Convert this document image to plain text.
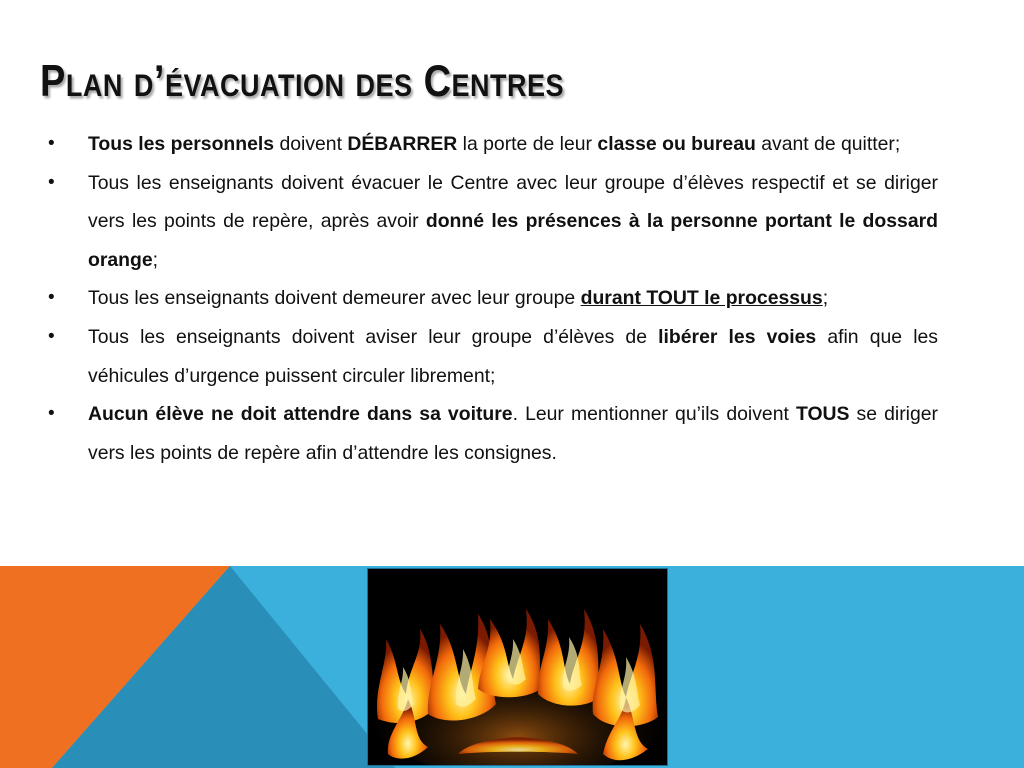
Plan d’évacuation des Centres
• Tous les personnels doivent DÉBARRER la porte de leur classe ou bureau avant de quitter;
• Tous les enseignants doivent évacuer le Centre avec leur groupe d’élèves respectif et se diriger vers les points de repère, après avoir donné les présences à la personne portant le dossard orange;
• Tous les enseignants doivent demeurer avec leur groupe durant TOUT le processus;
• Tous les enseignants doivent aviser leur groupe d’élèves de libérer les voies afin que les véhicules d’urgence puissent circuler librement;
• Aucun élève ne doit attendre dans sa voiture. Leur mentionner qu’ils doivent TOUS se diriger vers les points de repère afin d’attendre les consignes.
